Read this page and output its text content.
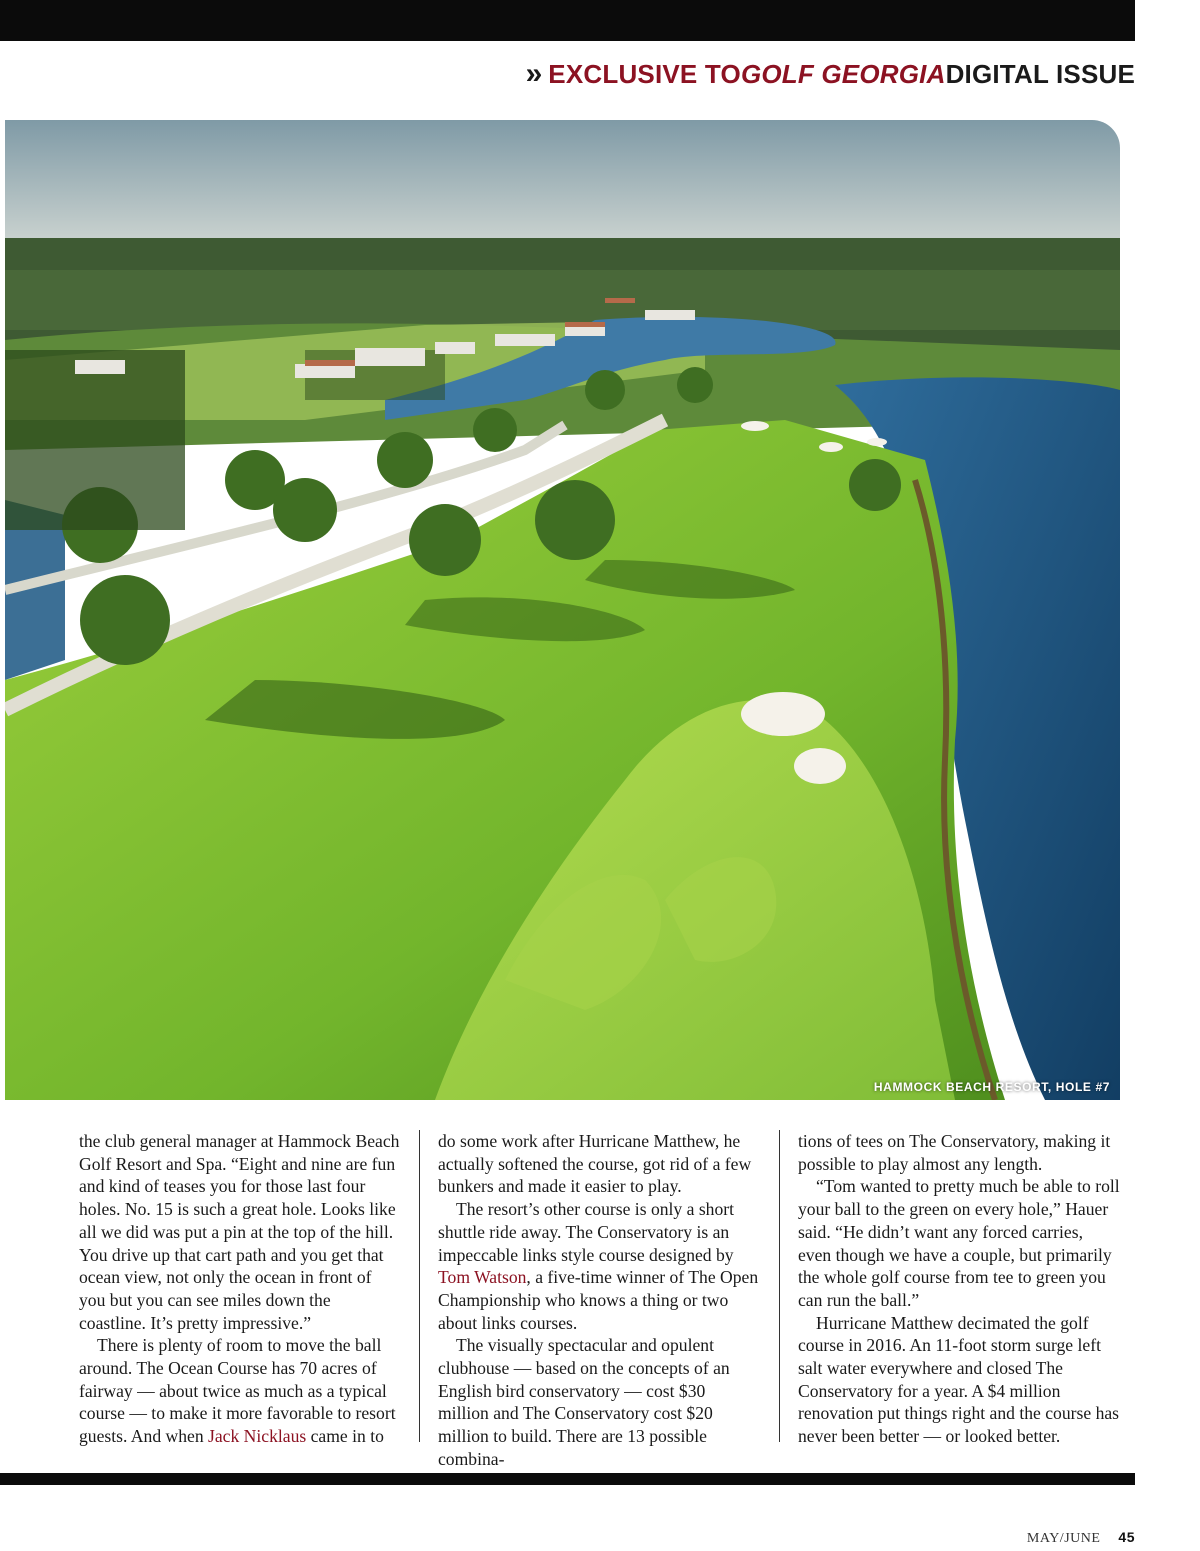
» EXCLUSIVE TO GOLF GEORGIA DIGITAL ISSUE
HAMMOCK BEACH RESORT, HOLE #7

the club general manager at Hammock Beach Golf Resort and Spa. “Eight and nine are fun and kind of teases you for those last four holes. No. 15 is such a great hole. Looks like all we did was put a pin at the top of the hill. You drive up that cart path and you get that ocean view, not only the ocean in front of you but you can see miles down the coastline. It’s pretty impressive.”

There is plenty of room to move the ball around. The Ocean Course has 70 acres of fairway — about twice as much as a typical course — to make it more favorable to resort guests. And when Jack Nicklaus came in to

do some work after Hurricane Matthew, he actually softened the course, got rid of a few bunkers and made it easier to play.

The resort’s other course is only a short shuttle ride away. The Conservatory is an impeccable links style course designed by Tom Watson, a five-time winner of The Open Championship who knows a thing or two about links courses.

The visually spectacular and opulent clubhouse — based on the concepts of an English bird conservatory — cost $30 million and The Conservatory cost $20 million to build. There are 13 possible combina-

tions of tees on The Conservatory, making it possible to play almost any length.

“Tom wanted to pretty much be able to roll your ball to the green on every hole,” Hauer said. “He didn’t want any forced carries, even though we have a couple, but primarily the whole golf course from tee to green you can run the ball.”

Hurricane Matthew decimated the golf course in 2016. An 11-foot storm surge left salt water everywhere and closed The Conservatory for a year. A $4 million renovation put things right and the course has never been better — or looked better.

MAY/JUNE 45
